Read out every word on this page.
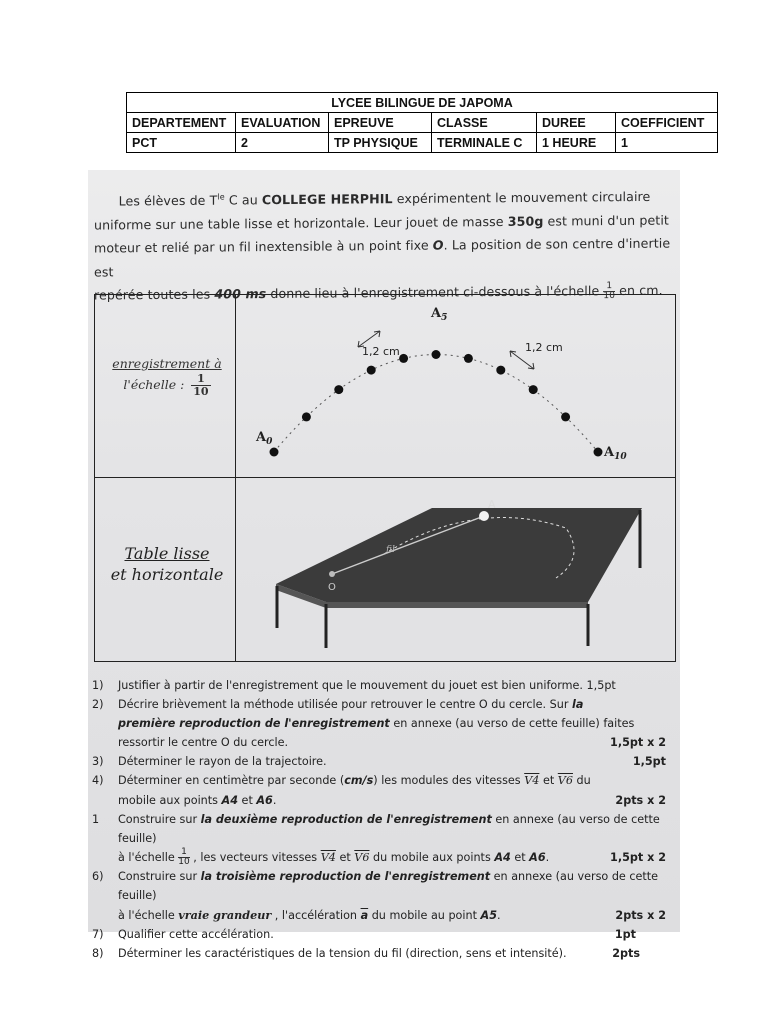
LYCEE BILINGUE DE JAPOMA					
DEPARTEMENT	EVALUATION	EPREUVE	CLASSE	DUREE	COEFFICIENT
PCT	2	TP PHYSIQUE	TERMINALE C	1 HEURE	1
Les élèves de $T^{le}$ C au COLLEGE HERPHIL expérimentent le mouvement circulaire
uniforme sur une table lisse et horizontale. Leur jouet de masse 350g est muni d'un petit
moteur et relié par un fil inextensible à un point fixe O. La position de son centre d'inertie est
repérée toutes les 400 ms donne lieu à l'enregistrement ci-dessous à l'échelle $\frac{1}{10}$ en cm.
enregistrement à
l'échelle : $\frac{1}{10}$
Table lisse
et horizontale
$A_0$
$A_5$
$A_{10}$
1,2 cm	1,2 cm
A
fil
O
1) Justifier à partir de l'enregistrement que le mouvement du jouet est bien uniforme. 1,5pt
2) Décrire brièvement la méthode utilisée pour retrouver le centre O du cercle. Sur la
première reproduction de l'enregistrement en annexe (au verso de cette feuille) faites
ressortir le centre O du cercle.	1,5pt x 2
3) Déterminer le rayon de la trajectoire.	1,5pt
4) Déterminer en centimètre par seconde (cm/s) les modules des vitesses V4 et V6 du
mobile aux points A4 et A6.	2pts x 2
1 Construire sur la deuxième reproduction de l'enregistrement en annexe (au verso de cette feuille)
à l'échelle $\frac{1}{10}$ , les vecteurs vitesses V4 et V6 du mobile aux points A4 et A6.	1,5pt x 2
6) Construire sur la troisième reproduction de l'enregistrement en annexe (au verso de cette feuille)
à l'échelle vraie grandeur , l'accélération $\overline{a}$ du mobile au point A5.	2pts x 2
7) Qualifier cette accélération.	1pt
8) Déterminer les caractéristiques de la tension du fil (direction, sens et intensité).	2pts
